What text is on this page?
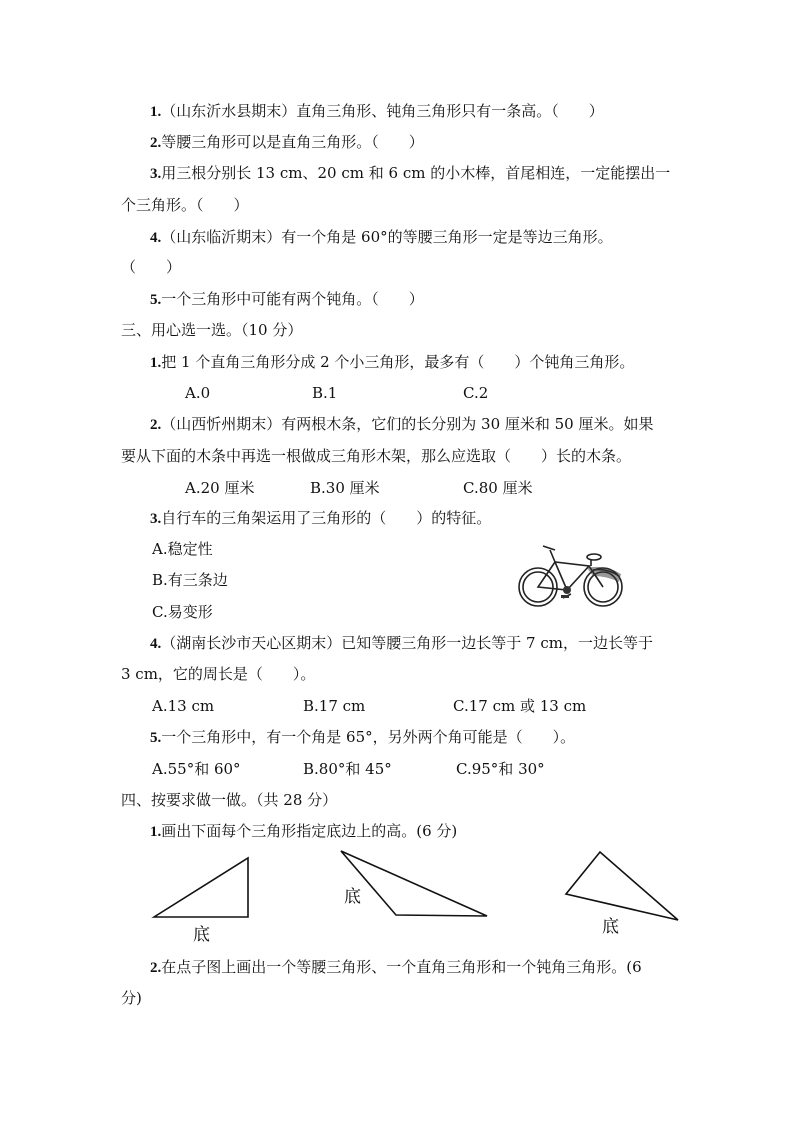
1.（山东沂水县期末）直角三角形、钝角三角形只有一条高。（　　）
2.等腰三角形可以是直角三角形。（　　）
3.用三根分别长 13 cm、20 cm 和 6 cm 的小木棒，首尾相连，一定能摆出一
个三角形。（　　）
4.（山东临沂期末）有一个角是 60°的等腰三角形一定是等边三角形。
（　　）
5.一个三角形中可能有两个钝角。（　　）
三、用心选一选。（10 分）
1.把 1 个直角三角形分成 2 个小三角形，最多有（　　）个钝角三角形。
A.0	B.1	C.2
2.（山西忻州期末）有两根木条，它们的长分别为 30 厘米和 50 厘米。如果
要从下面的木条中再选一根做成三角形木架，那么应选取（　　）长的木条。
A.20 厘米	B.30 厘米	C.80 厘米
3.自行车的三角架运用了三角形的（　　）的特征。
A.稳定性
B.有三条边
C.易变形
4.（湖南长沙市天心区期末）已知等腰三角形一边长等于 7 cm，一边长等于
3 cm，它的周长是（　　）。
A.13 cm	B.17 cm	C.17 cm 或 13 cm
5.一个三角形中，有一个角是 65°，另外两个角可能是（　　）。
A.55°和 60°	B.80°和 45°	C.95°和 30°
四、按要求做一做。（共 28 分）
1.画出下面每个三角形指定底边上的高。(6 分)
底
底
底
2.在点子图上画出一个等腰三角形、一个直角三角形和一个钝角三角形。(6
分)
